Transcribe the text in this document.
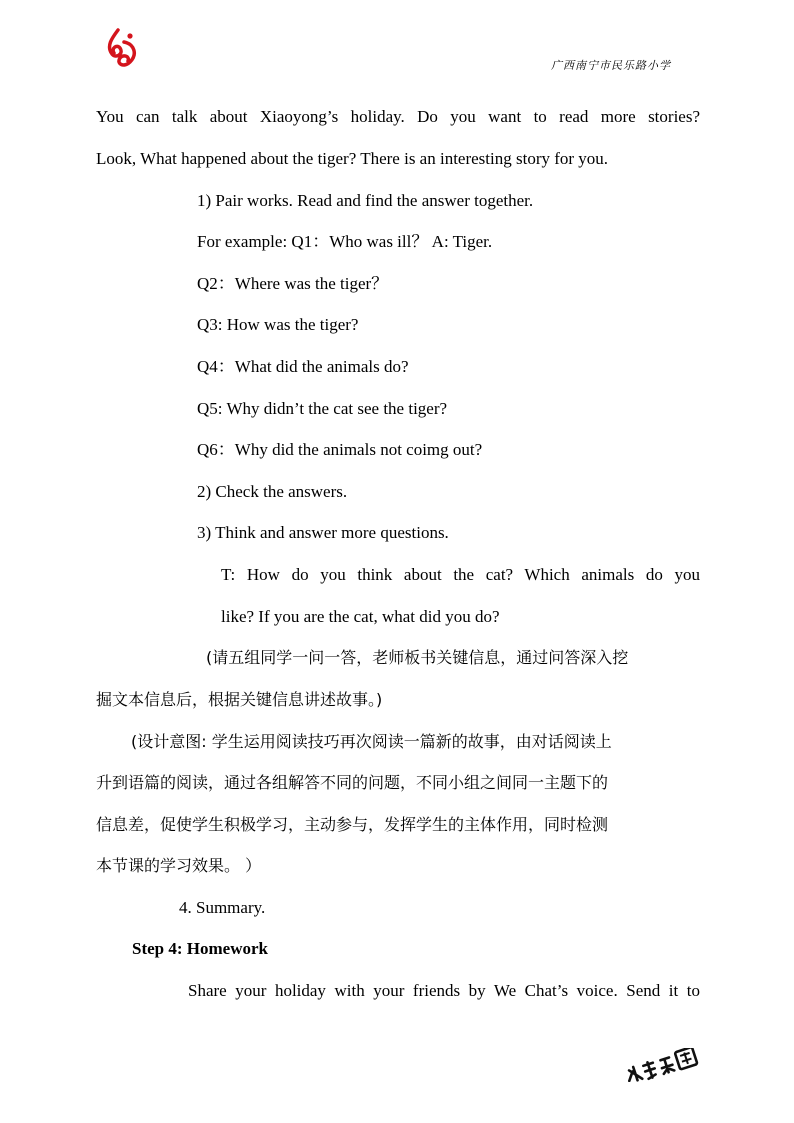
广西南宁市民乐路小学
You can talk about Xiaoyong’s holiday. Do you want to read more stories?
Look, What happened about the tiger? There is an interesting story for you.
1) Pair works. Read and find the answer together.
For example: Q1：Who was ill？ A: Tiger.
Q2：Where was the tiger？
Q3: How was the tiger?
Q4：What did the animals do?
Q5: Why didn’t the cat see the tiger?
Q6：Why did the animals not coimg out?
2) Check the answers.
3) Think and answer more questions.
T: How do you think about the cat? Which animals do you
like? If you are the cat, what did you do?
(请五组同学一问一答，老师板书关键信息，通过问答深入挖
掘文本信息后，根据关键信息讲述故事。)
(设计意图: 学生运用阅读技巧再次阅读一篇新的故事，由对话阅读上
升到语篇的阅读，通过各组解答不同的问题，不同小组之间同一主题下的
信息差，促使学生积极学习，主动参与，发挥学生的主体作用，同时检测
本节课的学习效果。 ）
4. Summary.
Step 4: Homework
Share your holiday with your friends by We Chat’s voice. Send it to
